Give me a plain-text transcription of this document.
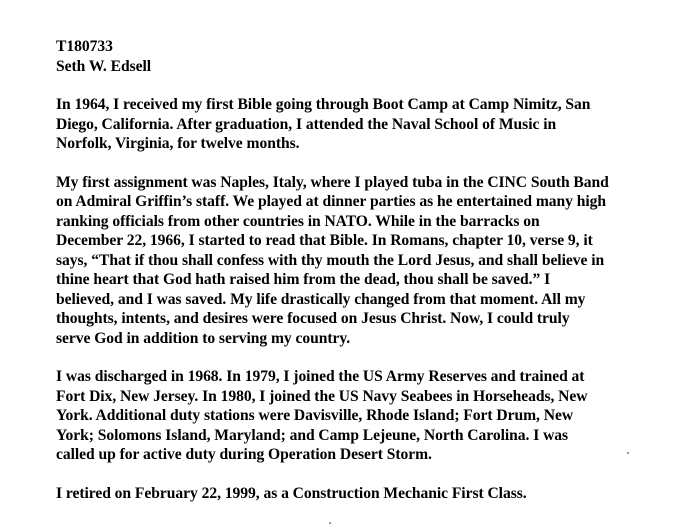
T180733
Seth W. Edsell
In 1964, I received my first Bible going through Boot Camp at Camp Nimitz, San
Diego, California. After graduation, I attended the Naval School of Music in
Norfolk, Virginia, for twelve months.
My first assignment was Naples, Italy, where I played tuba in the CINC South Band
on Admiral Griffin’s staff. We played at dinner parties as he entertained many high
ranking officials from other countries in NATO. While in the barracks on
December 22, 1966, I started to read that Bible. In Romans, chapter 10, verse 9, it
says, “That if thou shall confess with thy mouth the Lord Jesus, and shall believe in
thine heart that God hath raised him from the dead, thou shall be saved.” I
believed, and I was saved. My life drastically changed from that moment. All my
thoughts, intents, and desires were focused on Jesus Christ. Now, I could truly
serve God in addition to serving my country.
I was discharged in 1968. In 1979, I joined the US Army Reserves and trained at
Fort Dix, New Jersey. In 1980, I joined the US Navy Seabees in Horseheads, New
York. Additional duty stations were Davisville, Rhode Island; Fort Drum, New
York; Solomons Island, Maryland; and Camp Lejeune, North Carolina. I was
called up for active duty during Operation Desert Storm.
I retired on February 22, 1999, as a Construction Mechanic First Class.
